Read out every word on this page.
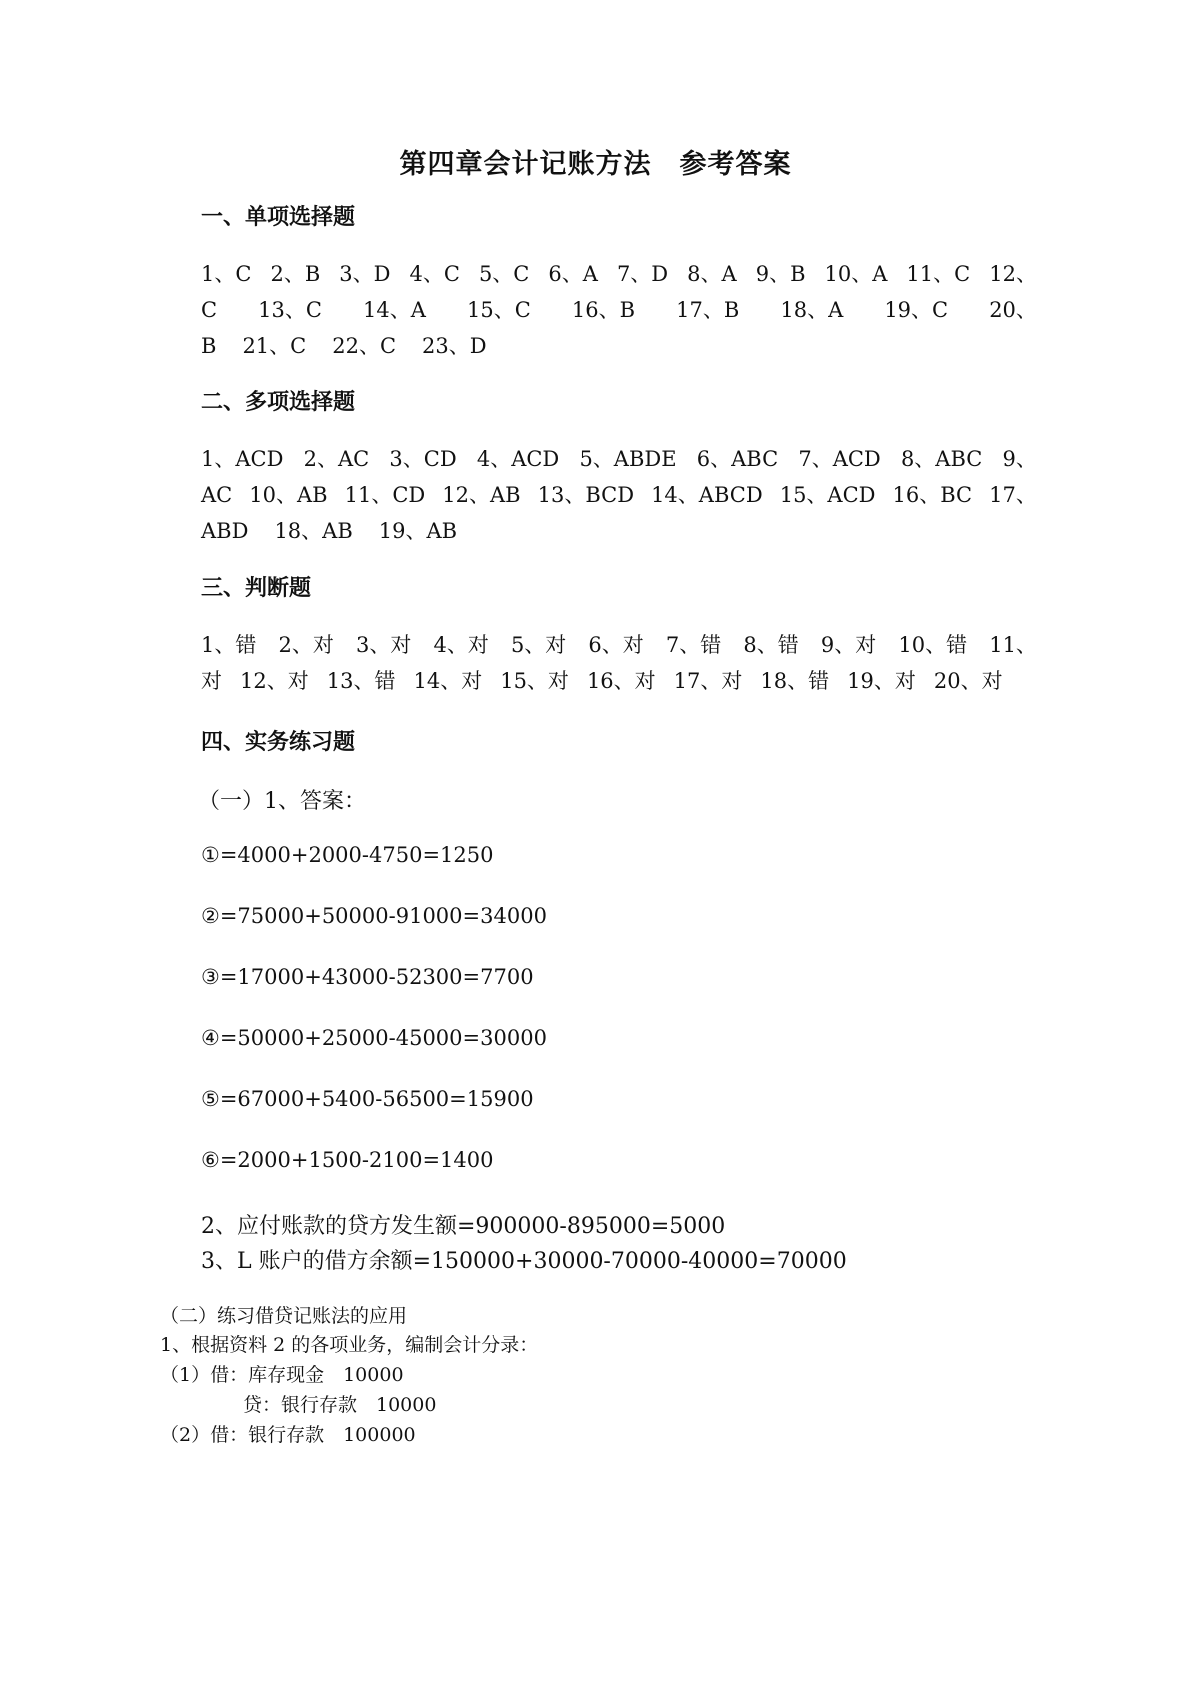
第四章会计记账方法　参考答案
一、单项选择题
1、C 2、B 3、D 4、C 5、C 6、A 7、D 8、A 9、B 10、A 11、C 12、
C 13、C 14、A 15、C 16、B 17、B 18、A 19、C 20、
B 21、C 22、C 23、D
二、多项选择题
1、ACD 2、AC 3、CD 4、ACD 5、ABDE 6、ABC 7、ACD 8、ABC 9、
AC 10、AB 11、CD 12、AB 13、BCD 14、ABCD 15、ACD 16、BC 17、
ABD 18、AB 19、AB
三、判断题
1、错 2、对 3、对 4、对 5、对 6、对 7、错 8、错 9、对 10、错 11、
对 12、对 13、错 14、对 15、对 16、对 17、对 18、错 19、对 20、对
四、实务练习题
（一）1、答案：
①=4000+2000-4750=1250
②=75000+50000-91000=34000
③=17000+43000-52300=7700
④=50000+25000-45000=30000
⑤=67000+5400-56500=15900
⑥=2000+1500-2100=1400
2、应付账款的贷方发生额=900000-895000=5000
3、L 账户的借方余额=150000+30000-70000-40000=70000
（二）练习借贷记账法的应用
1、根据资料 2 的各项业务，编制会计分录：
（1）借：库存现金　10000
贷：银行存款　10000
（2）借：银行存款　100000
